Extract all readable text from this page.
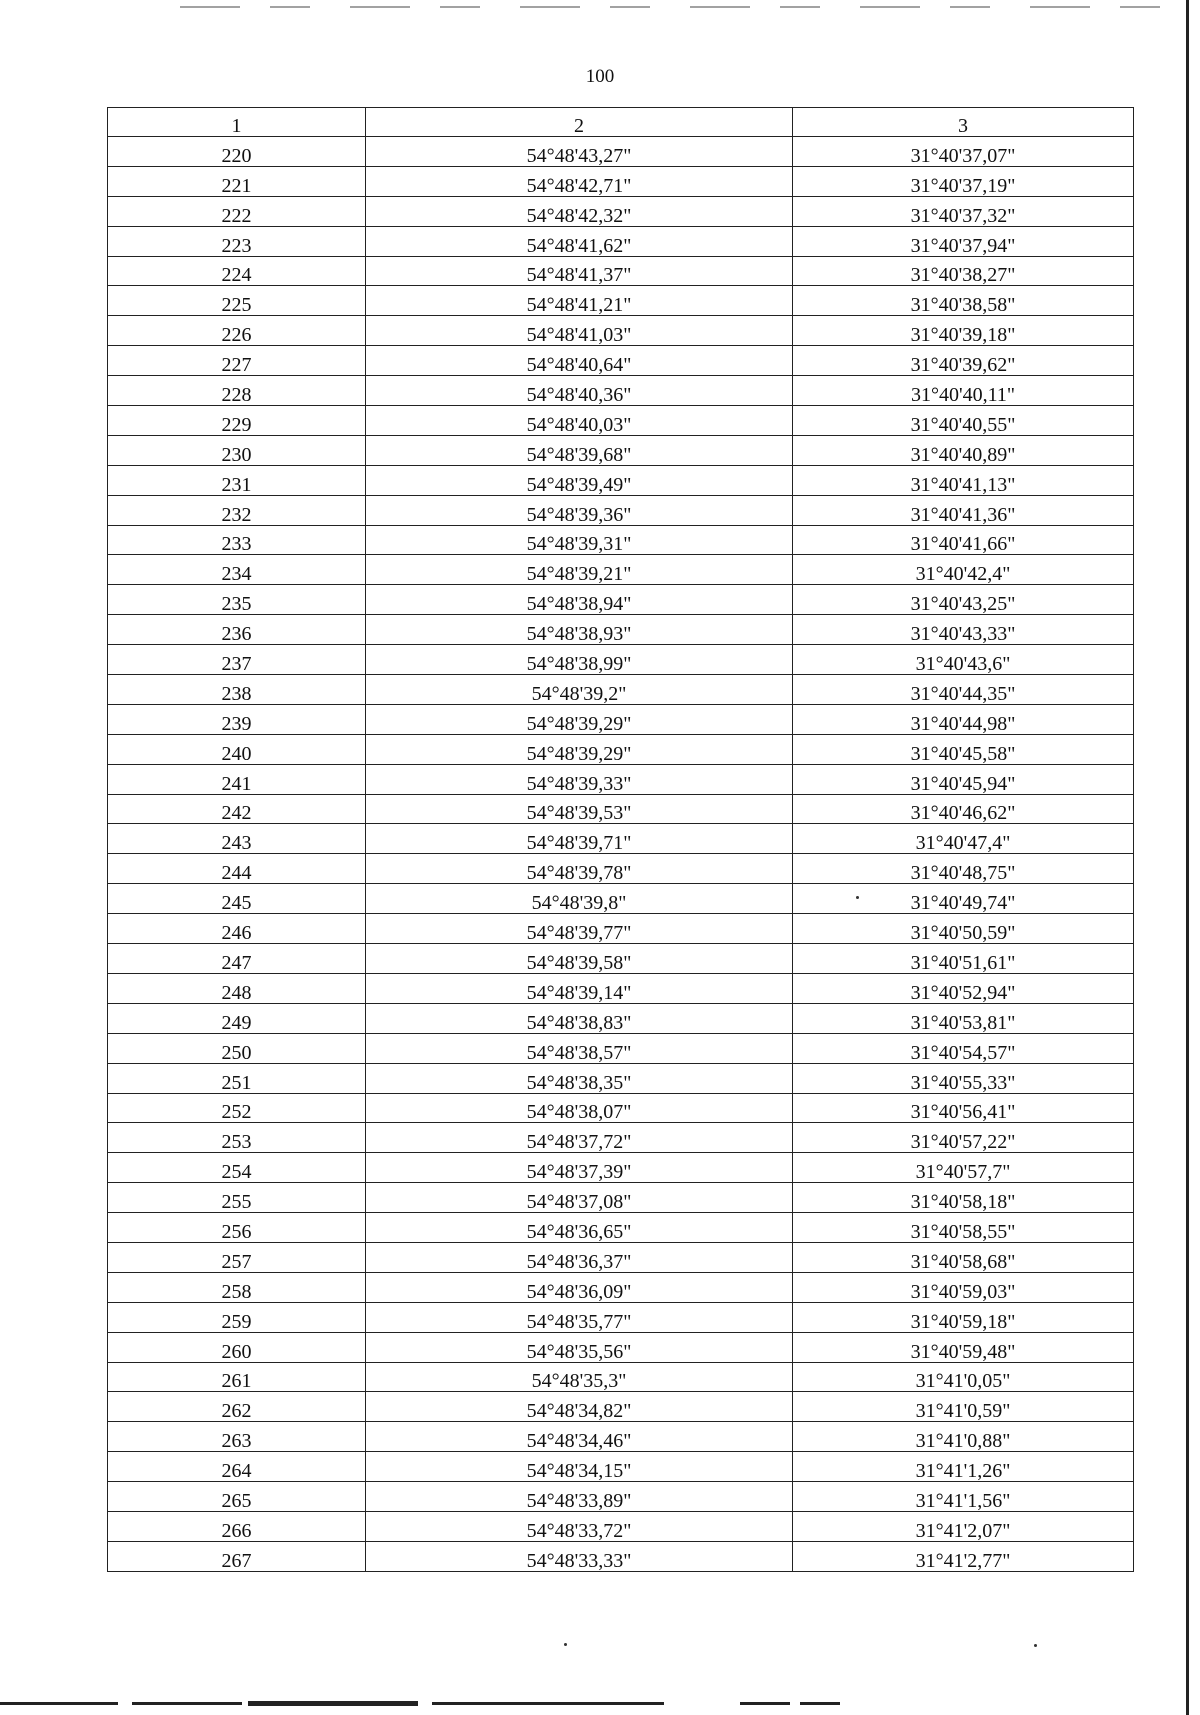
100
1	2	3
220	54°48'43,27"	31°40'37,07"
221	54°48'42,71"	31°40'37,19"
222	54°48'42,32"	31°40'37,32"
223	54°48'41,62"	31°40'37,94"
224	54°48'41,37"	31°40'38,27"
225	54°48'41,21"	31°40'38,58"
226	54°48'41,03"	31°40'39,18"
227	54°48'40,64"	31°40'39,62"
228	54°48'40,36"	31°40'40,11"
229	54°48'40,03"	31°40'40,55"
230	54°48'39,68"	31°40'40,89"
231	54°48'39,49"	31°40'41,13"
232	54°48'39,36"	31°40'41,36"
233	54°48'39,31"	31°40'41,66"
234	54°48'39,21"	31°40'42,4"
235	54°48'38,94"	31°40'43,25"
236	54°48'38,93"	31°40'43,33"
237	54°48'38,99"	31°40'43,6"
238	54°48'39,2"	31°40'44,35"
239	54°48'39,29"	31°40'44,98"
240	54°48'39,29"	31°40'45,58"
241	54°48'39,33"	31°40'45,94"
242	54°48'39,53"	31°40'46,62"
243	54°48'39,71"	31°40'47,4"
244	54°48'39,78"	31°40'48,75"
245	54°48'39,8"	31°40'49,74"
246	54°48'39,77"	31°40'50,59"
247	54°48'39,58"	31°40'51,61"
248	54°48'39,14"	31°40'52,94"
249	54°48'38,83"	31°40'53,81"
250	54°48'38,57"	31°40'54,57"
251	54°48'38,35"	31°40'55,33"
252	54°48'38,07"	31°40'56,41"
253	54°48'37,72"	31°40'57,22"
254	54°48'37,39"	31°40'57,7"
255	54°48'37,08"	31°40'58,18"
256	54°48'36,65"	31°40'58,55"
257	54°48'36,37"	31°40'58,68"
258	54°48'36,09"	31°40'59,03"
259	54°48'35,77"	31°40'59,18"
260	54°48'35,56"	31°40'59,48"
261	54°48'35,3"	31°41'0,05"
262	54°48'34,82"	31°41'0,59"
263	54°48'34,46"	31°41'0,88"
264	54°48'34,15"	31°41'1,26"
265	54°48'33,89"	31°41'1,56"
266	54°48'33,72"	31°41'2,07"
267	54°48'33,33"	31°41'2,77"
